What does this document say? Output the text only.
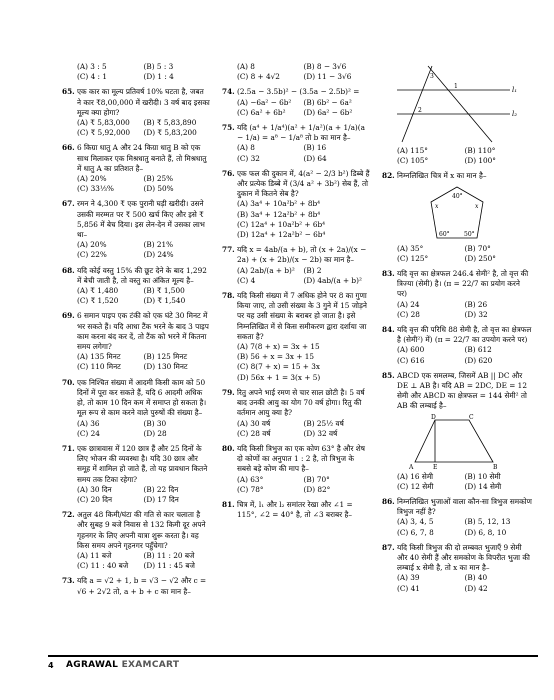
(A) 3 : 5	(B) 5 : 3
(C) 4 : 1	(D) 1 : 4
65. एक कार का मूल्य प्रतिवर्ष 10% घटता है, जबत ने कार ₹8,00,000 में खरीदी। 3 वर्ष बाद इसका मूल्य क्या होगा?
(A) ₹ 5,83,000	(B) ₹ 5,83,890
(C) ₹ 5,92,000	(D) ₹ 5,83,200
66. 6 किग्रा धातु A और 24 किग्रा धातु B को एक साथ मिलाकर एक मिश्रधातु बनाते हैं, तो मिश्रधातु में धातु A का प्रतिशत है–
(A) 20%	(B) 25%
(C) 33⅓%	(D) 50%
67. रमन ने 4,300 ₹ एक पुरानी घड़ी खरीदी। उसने उसकी मरम्मत पर ₹ 500 खर्च किए और इसे ₹ 5,856 में बेच दिया। इस लेन-देन में उसका लाभ था–
(A) 20%	(B) 21%
(C) 22%	(D) 24%
68. यदि कोई वस्तु 15% की छूट देने के बाद 1,292 में बेची जाती है, तो वस्तु का अंकित मूल्य है–
(A) ₹ 1,480	(B) ₹ 1,500
(C) ₹ 1,520	(D) ₹ 1,540
69. 6 समान पाइप एक टंकी को एक घंटे 30 मिनट में भर सकते हैं। यदि आधा टैंक भरने के बाद 3 पाइप काम करना बंद कर दें, तो टैंक को भरने में कितना समय लगेगा?
(A) 135 मिनट	(B) 125 मिनट
(C) 110 मिनट	(D) 130 मिनट
70. एक निश्चित संख्या में आदमी किसी काम को 50 दिनों में पूरा कर सकते हैं, यदि 6 आदमी अधिक हो, तो काम 10 दिन कम में समाप्त हो सकता है। मूल रूप से काम करने वाले पुरुषों की संख्या है–
(A) 36	(B) 30
(C) 24	(D) 28
71. एक छात्रावास में 120 छात्र हैं और 25 दिनों के लिए भोजन की व्यवस्था है। यदि 30 छात्र और समूह में शामिल हो जाते हैं, तो यह प्रावधान कितने समय तक टिका रहेगा?
(A) 30 दिन	(B) 22 दिन
(C) 20 दिन	(D) 17 दिन
72. अतुल 48 किमी/घंटा की गति से कार चलाता है और सुबह 9 बजे निवास से 132 किमी दूर अपने गृहनगर के लिए अपनी यात्रा शुरू करता है। वह किस समय अपने गृहनगर पहुँचेगा?
(A) 11 बजे	(B) 11 : 20 बजे
(C) 11 : 40 बजे	(D) 11 : 45 बजे
73. यदि a = √2 + 1, b = √3 − √2 और c = √6 + 2√2 तो, a + b + c का मान है–
(A) 8	(B) 8 − 3√6
(C) 8 + 4√2	(D) 11 − 3√6
74. (2.5a − 3.5b)² − (3.5a − 2.5b)² =
(A) −6a² − 6b²	(B) 6b² − 6a²
(C) 6a² + 6b²	(D) 6a² − 6b²
75. यदि (a⁴ + 1/a⁴)(a² + 1/a²)(a + 1/a)(a − 1/a) = a⁸ − 1/a⁸ तो b का मान है–
(A) 8	(B) 16
(C) 32	(D) 64
76. एक फल की दुकान में, 4(a² − 2/3 b²) डिब्बे हैं और प्रत्येक डिब्बे में (3/4 a² + 3b²) सेब हैं, तो दुकान में कितने सेब है?
(A) 3a⁴ + 10a²b² + 8b⁴
(B) 3a⁴ + 12a²b² + 8b⁴
(C) 12a⁴ + 10a²b² + 6b⁴
(D) 12a⁴ + 12a²b² − 6b⁴
77. यदि x = 4ab/(a + b), तो (x + 2a)/(x − 2a) + (x + 2b)/(x − 2b) का मान है–
(A) 2ab/(a + b)²	(B) 2
(C) 4	(D) 4ab/(a + b)²
78. यदि किसी संख्या में 7 अधिक होने पर 8 का गुणा किया जाए, तो उसी संख्या के 3 गुने में 15 जोड़ने पर यह उसी संख्या के बराबर हो जाता है। इसे निम्नलिखित में से किस समीकरण द्वारा दर्शाया जा सकता है?
(A) 7(8 + x) = 3x + 15
(B) 56 + x = 3x + 15
(C) 8(7 + x) = 15 + 3x
(D) 56x + 1 = 3(x + 5)
79. रितु अपने भाई रमण से चार साल छोटी है। 5 वर्ष बाद उनकी आयु का योग 70 वर्ष होगा। रितु की वर्तमान आयु क्या है?
(A) 30 वर्ष	(B) 25½ वर्ष
(C) 28 वर्ष	(D) 32 वर्ष
80. यदि किसी त्रिभुज का एक कोण 63° है और शेष दो कोणों का अनुपात 1 : 2 है, तो त्रिभुज के सबसे बड़े कोण की माप है–
(A) 63°	(B) 70°
(C) 78°	(D) 82°
81. चित्र में, l₁ और l₂ समांतर रेखा और ∠1 = 115°, ∠2 = 40° है, तो ∠3 बराबर है–
l₁
l₂
3
1
2
(A) 115°	(B) 110°
(C) 105°	(D) 100°
82. निम्नलिखित चित्र में x का मान है–
40°
60° 50°
x	x
(A) 35°	(B) 70°
(C) 125°	(D) 250°
83. यदि वृत्त का क्षेत्रफल 246.4 सेमी² है, तो वृत्त की त्रिज्या (सेमी) है। (π = 22/7 का प्रयोग करने पर)
(A) 24	(B) 26
(C) 28	(D) 32
84. यदि वृत्त की परिधि 88 सेमी है, तो वृत्त का क्षेत्रफल है (सेमी²) में) (π = 22/7 का उपयोग करने पर)
(A) 600	(B) 612
(C) 616	(D) 620
85. ABCD एक समलम्ब, जिसमें AB || DC और DE ⊥ AB है। यदि AB = 2DC, DE = 12 सेमी और ABCD का क्षेत्रफल = 144 सेमी² तो AB की लम्बाई है–
D	C
A	E	B
(A) 16 सेमी	(B) 10 सेमी
(C) 12 सेमी	(D) 14 सेमी
86. निम्नलिखित भुजाओं वाला कौन-सा त्रिभुज समकोण त्रिभुज नहीं है?
(A) 3, 4, 5	(B) 5, 12, 13
(C) 6, 7, 8	(D) 6, 8, 10
87. यदि किसी त्रिभुज की दो लम्बवत भुजाएँ 9 सेमी और 40 सेमी हैं और समकोण के विपरीत भुजा की लम्बाई x सेमी है, तो x का मान है–
(A) 39	(B) 40
(C) 41	(D) 42
4 AGRAWAL EXAMCART
